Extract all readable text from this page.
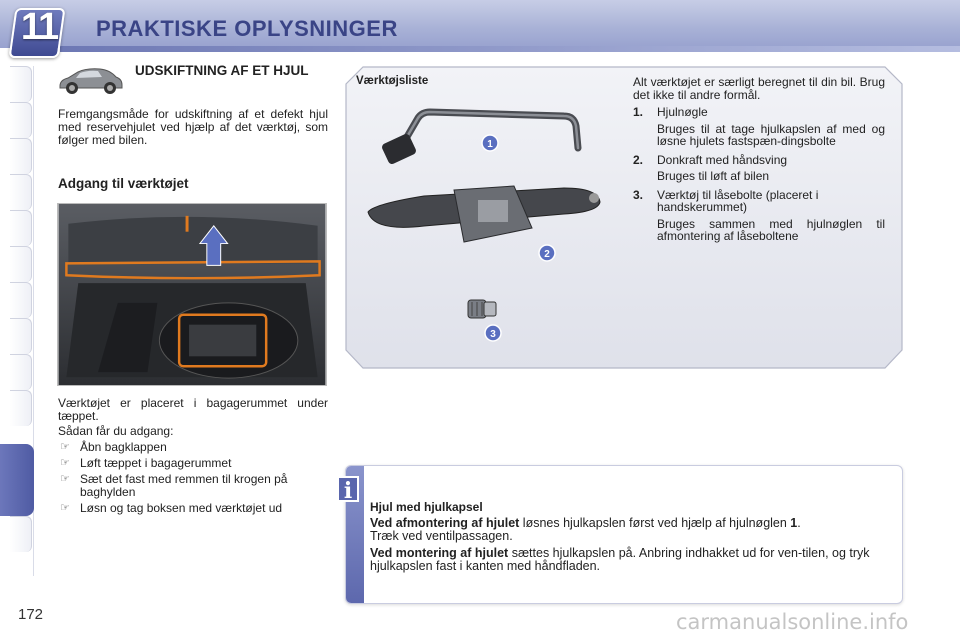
11	PRAKTISKE OPLYSNINGER
172
UDSKIFTNING AF ET HJUL
Fremgangsmåde for udskiftning af et defekt hjul med reservehjulet ved hjælp af det værktøj, som følger med bilen.
Adgang til værktøjet
Værktøjet er placeret i bagagerummet under tæppet.
Sådan får du adgang:
☞ Åbn bagklappen
☞ Løft tæppet i bagagerummet
☞ Sæt det fast med remmen til krogen på baghylden
☞ Løsn og tag boksen med værktøjet ud
Værktøjsliste
1
2
3
Alt værktøjet er særligt beregnet til din bil. Brug det ikke til andre formål.
1. Hjulnøgle
Bruges til at tage hjulkapslen af med og løsne hjulets fastspæn-dingsbolte
2. Donkraft med håndsving
Bruges til løft af bilen
3. Værktøj til låsebolte (placeret i handskerummet)
Bruges sammen med hjulnøglen til afmontering af låseboltene
i
Hjul med hjulkapsel
Ved afmontering af hjulet løsnes hjulkapslen først ved hjælp af hjulnøglen 1.
Træk ved ventilpassagen.
Ved montering af hjulet sættes hjulkapslen på. Anbring indhakket ud for ven-tilen, og tryk hjulkapslen fast i kanten med håndfladen.
carmanualsonline.info
